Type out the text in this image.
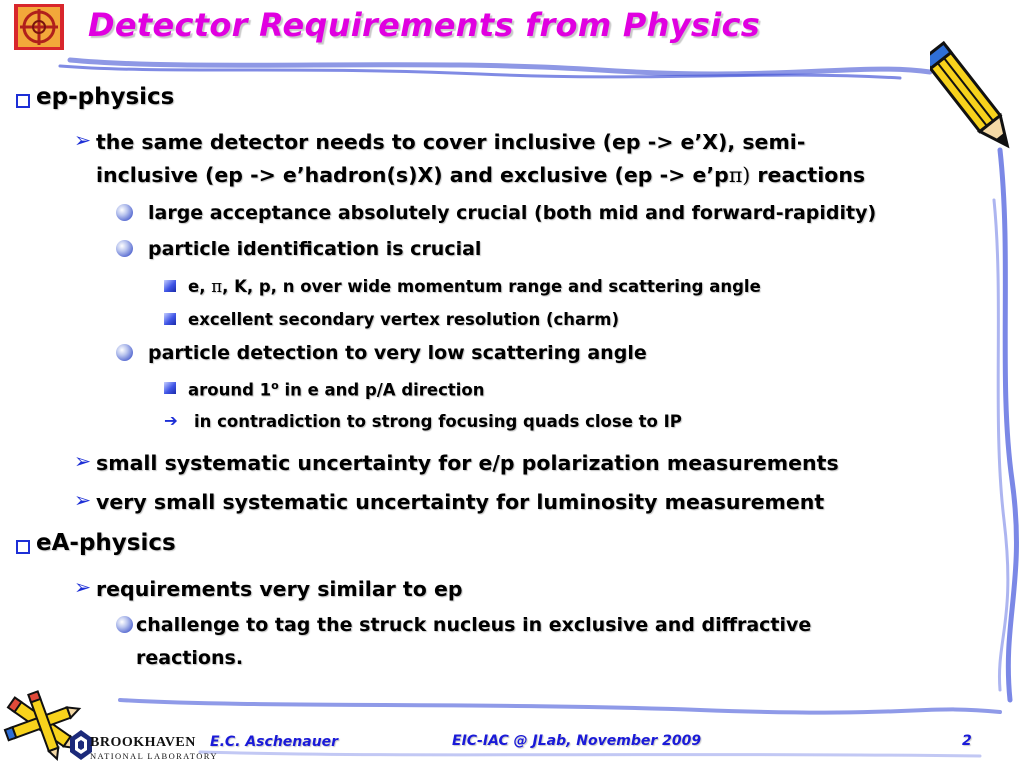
Detector Requirements from Physics
ep-physics
➢ the same detector needs to cover inclusive (ep -> e’X), semi-
inclusive (ep -> e’hadron(s)X) and exclusive (ep -> e’pπ) reactions
large acceptance absolutely crucial (both mid and forward-rapidity)
particle identification is crucial
e, π, K, p, n over wide momentum range and scattering angle
excellent secondary vertex resolution (charm)
particle detection to very low scattering angle
around 1$^o$ in e and p/A direction
➔ in contradiction to strong focusing quads close to IP
➢ small systematic uncertainty for e/p polarization measurements
➢ very small systematic uncertainty for luminosity measurement
eA-physics
➢ requirements very similar to ep
challenge to tag the struck nucleus in exclusive and diffractive
reactions.
BROOKHAVEN
NATIONAL LABORATORY
E.C. Aschenauer	EIC-IAC @ JLab, November 2009	2
